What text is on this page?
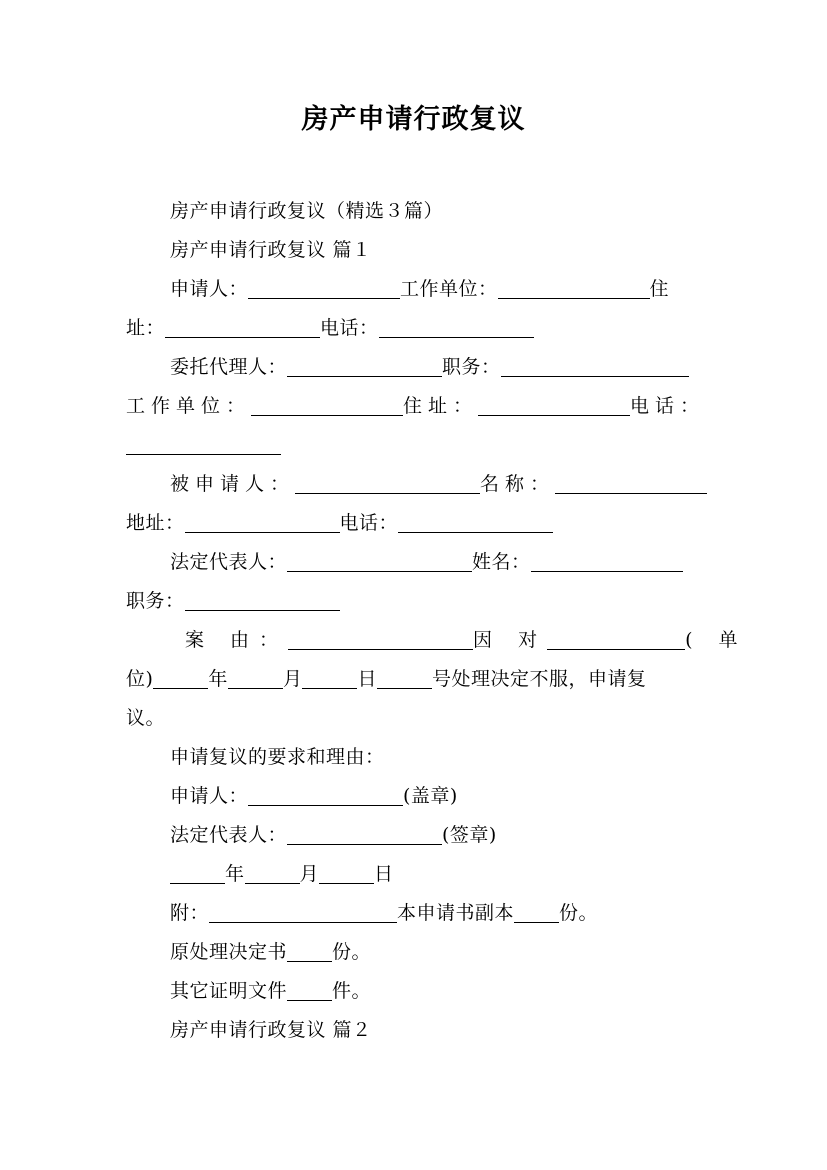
房产申请行政复议
房产申请行政复议（精选３篇）
房产申请行政复议 篇１
申请人：	工作单位：	住
址：	电话：
委托代理人：	职务：
工作单位：	住址：	电话：
被申请人：	名称：
地址：	电话：
法定代表人：	姓名：
职务：
案 由：	因 对	( 单
位)	年	月	日	号处理决定不服，申请复
议。
申请复议的要求和理由：
申请人：	(盖章)
法定代表人：	(签章)
年	月	日
附：	本申请书副本 份。
原处理决定书 份。
其它证明文件 件。
房产申请行政复议 篇２
